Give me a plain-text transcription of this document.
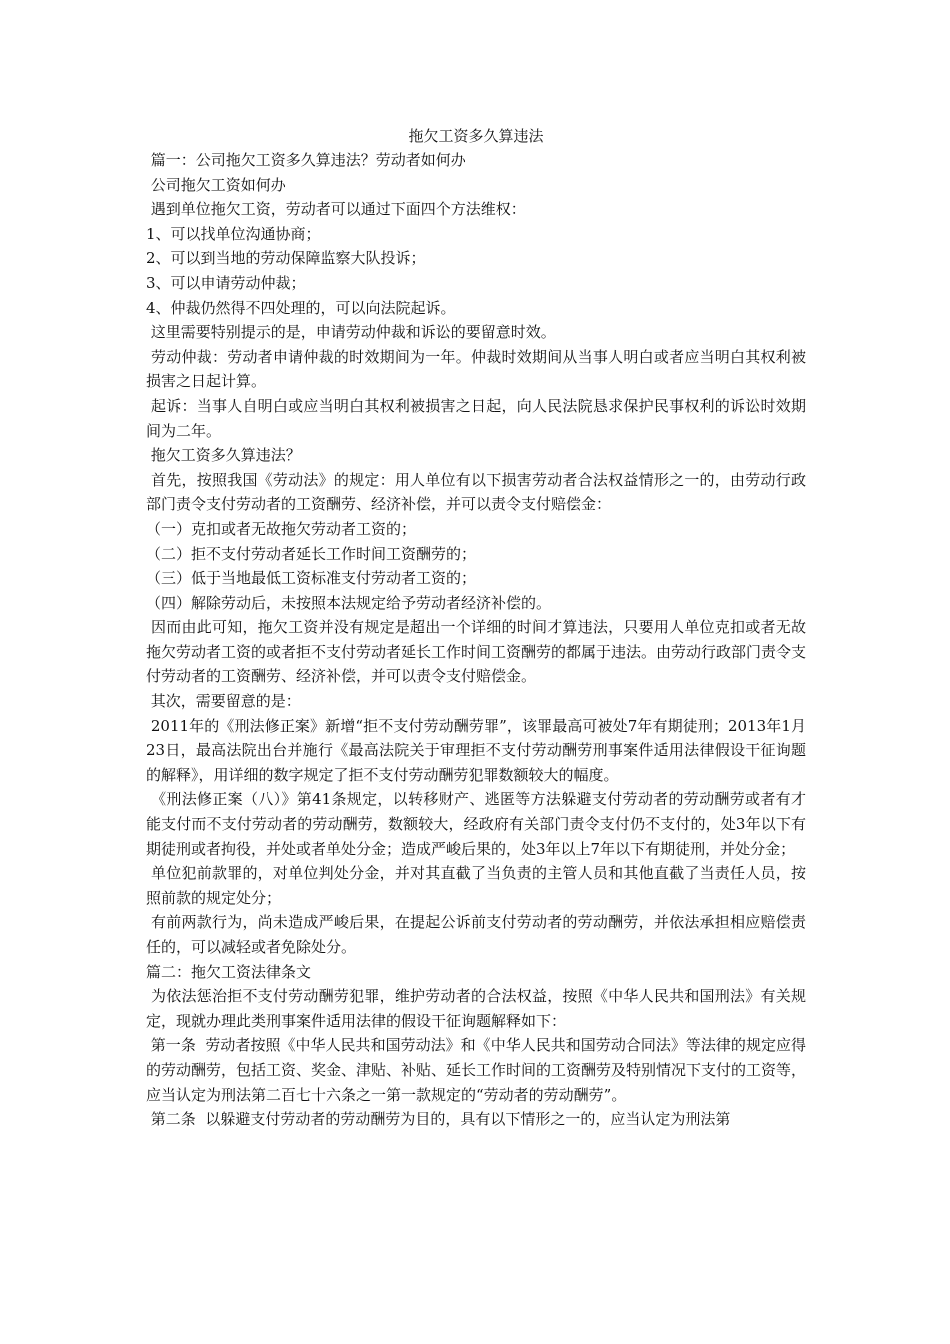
拖欠工资多久算违法
篇一：公司拖欠工资多久算违法？劳动者如何办
公司拖欠工资如何办
遇到单位拖欠工资，劳动者可以通过下面四个方法维权：
1、可以找单位沟通协商；
2、可以到当地的劳动保障监察大队投诉；
3、可以申请劳动仲裁；
4、仲裁仍然得不四处理的，可以向法院起诉。
这里需要特别提示的是，申请劳动仲裁和诉讼的要留意时效。
劳动仲裁：劳动者申请仲裁的时效期间为一年。仲裁时效期间从当事人明白或者应当明白其权利被损害之日起计算。
起诉：当事人自明白或应当明白其权利被损害之日起，向人民法院恳求保护民事权利的诉讼时效期间为二年。
拖欠工资多久算违法？
首先，按照我国《劳动法》的规定：用人单位有以下损害劳动者合法权益情形之一的，由劳动行政部门责令支付劳动者的工资酬劳、经济补偿，并可以责令支付赔偿金：
（一）克扣或者无故拖欠劳动者工资的；
（二）拒不支付劳动者延长工作时间工资酬劳的；
（三）低于当地最低工资标准支付劳动者工资的；
（四）解除劳动后，未按照本法规定给予劳动者经济补偿的。
因而由此可知，拖欠工资并没有规定是超出一个详细的时间才算违法，只要用人单位克扣或者无故拖欠劳动者工资的或者拒不支付劳动者延长工作时间工资酬劳的都属于违法。由劳动行政部门责令支付劳动者的工资酬劳、经济补偿，并可以责令支付赔偿金。
其次，需要留意的是：
2011年的《刑法修正案》新增“拒不支付劳动酬劳罪”，该罪最高可被处7年有期徒刑；2013年1月23日，最高法院出台并施行《最高法院关于审理拒不支付劳动酬劳刑事案件适用法律假设干征询题的解释》，用详细的数字规定了拒不支付劳动酬劳犯罪数额较大的幅度。
《刑法修正案（八）》第41条规定，以转移财产、逃匿等方法躲避支付劳动者的劳动酬劳或者有才能支付而不支付劳动者的劳动酬劳，数额较大，经政府有关部门责令支付仍不支付的，处3年以下有期徒刑或者拘役，并处或者单处分金；造成严峻后果的，处3年以上7年以下有期徒刑，并处分金；
单位犯前款罪的，对单位判处分金，并对其直截了当负责的主管人员和其他直截了当责任人员，按照前款的规定处分；
有前两款行为，尚未造成严峻后果，在提起公诉前支付劳动者的劳动酬劳，并依法承担相应赔偿责任的，可以减轻或者免除处分。
篇二：拖欠工资法律条文
为依法惩治拒不支付劳动酬劳犯罪，维护劳动者的合法权益，按照《中华人民共和国刑法》有关规定，现就办理此类刑事案件适用法律的假设干征询题解释如下：
第一条  劳动者按照《中华人民共和国劳动法》和《中华人民共和国劳动合同法》等法律的规定应得的劳动酬劳，包括工资、奖金、津贴、补贴、延长工作时间的工资酬劳及特别情况下支付的工资等，应当认定为刑法第二百七十六条之一第一款规定的“劳动者的劳动酬劳”。
第二条  以躲避支付劳动者的劳动酬劳为目的，具有以下情形之一的，应当认定为刑法第
